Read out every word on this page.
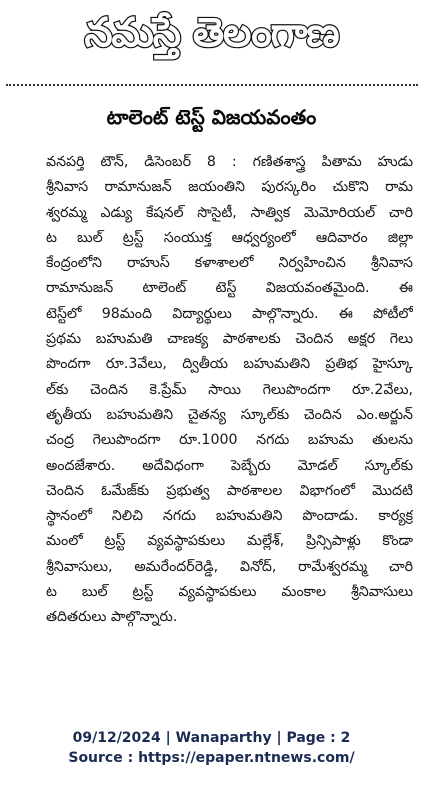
నమస్తే తెలంగాణ
టాలెంట్ టెస్ట్ విజయవంతం
వనపర్తి టౌన్, డిసెంబర్ 8 : గణితశాస్త్ర పితామ హుడు
శ్రీనివాస రామానుజన్ జయంతిని పురస్కరిం చుకొని రామ
శ్వరమ్మ ఎడ్యు కేషనల్ సొసైటీ, సాత్విక మెమోరియల్ చారి
ట బుల్ ట్రస్ట్ సంయుక్త ఆధ్వర్యంలో ఆదివారం జిల్లా
కేంద్రంలోని రాహుస్ కళాశాలలో నిర్వహించిన శ్రీనివాస
రామానుజన్ టాలెంట్ టెస్ట్ విజయవంతమైంది. ఈ
టెస్ట్‌లో 98మంది విద్యార్థులు పాల్గొన్నారు. ఈ పోటీలో
ప్రథమ బహుమతి చాణక్య పాఠశాలకు చెందిన అక్షర గెలు
పొందగా రూ.3వేలు, ద్వితీయ బహుమతిని ప్రతిభ హైస్కూ
ల్‌కు చెందిన కె.ప్రేమ్ సాయి గెలుపొందగా రూ.2వేలు,
తృతీయ బహుమతిని చైతన్య స్కూల్‌కు చెందిన ఎం.అర్జున్
చంద్ర గెలుపొందగా రూ.1000 నగదు బహుమ తులను
అందజేశారు. అదేవిధంగా పెబ్బేరు మోడల్ స్కూల్‌కు
చెందిన ఓమేజ్‌కు ప్రభుత్వ పాఠశాలల విభాగంలో మొదటి
స్థానంలో నిలిచి నగదు బహుమతిని పొందాడు. కార్యక్ర
మంలో ట్రస్ట్ వ్యవస్థాపకులు మల్లేశ్, ప్రిన్సిపాళ్లు కొండా
శ్రీనివాసులు, అమరేందర్‌రెడ్డి, వినోద్, రామేశ్వరమ్మ చారి
ట బుల్ ట్రస్ట్ వ్యవస్థాపకులు మంకాల శ్రీనివాసులు
తదితరులు పాల్గొన్నారు.
09/12/2024 | Wanaparthy | Page : 2
Source : https://epaper.ntnews.com/
